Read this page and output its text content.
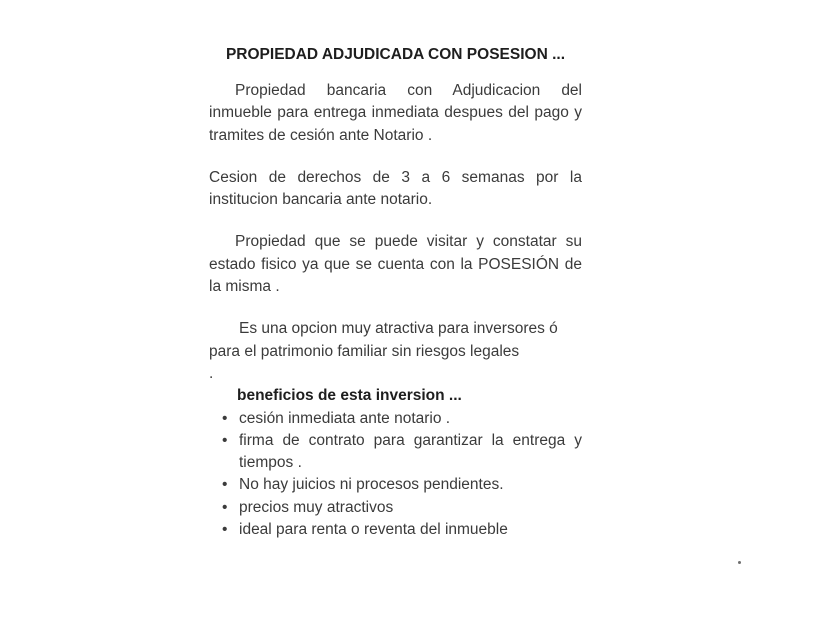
PROPIEDAD ADJUDICADA CON POSESION ...

Propiedad bancaria con Adjudicacion del inmueble para entrega inmediata despues del pago y tramites de cesión ante Notario .

Cesion de derechos de 3 a 6 semanas por la institucion bancaria ante notario.

Propiedad que se puede visitar y constatar su estado fisico ya que se cuenta con la POSESIÓN de la misma .

Es una opcion muy atractiva para inversores ó para el patrimonio familiar sin riesgos legales

.

beneficios de esta inversion ...
• cesión inmediata ante notario .
• firma de contrato para garantizar la entrega y tiempos .
• No hay juicios ni procesos pendientes.
• precios muy atractivos
• ideal para renta o reventa del inmueble
